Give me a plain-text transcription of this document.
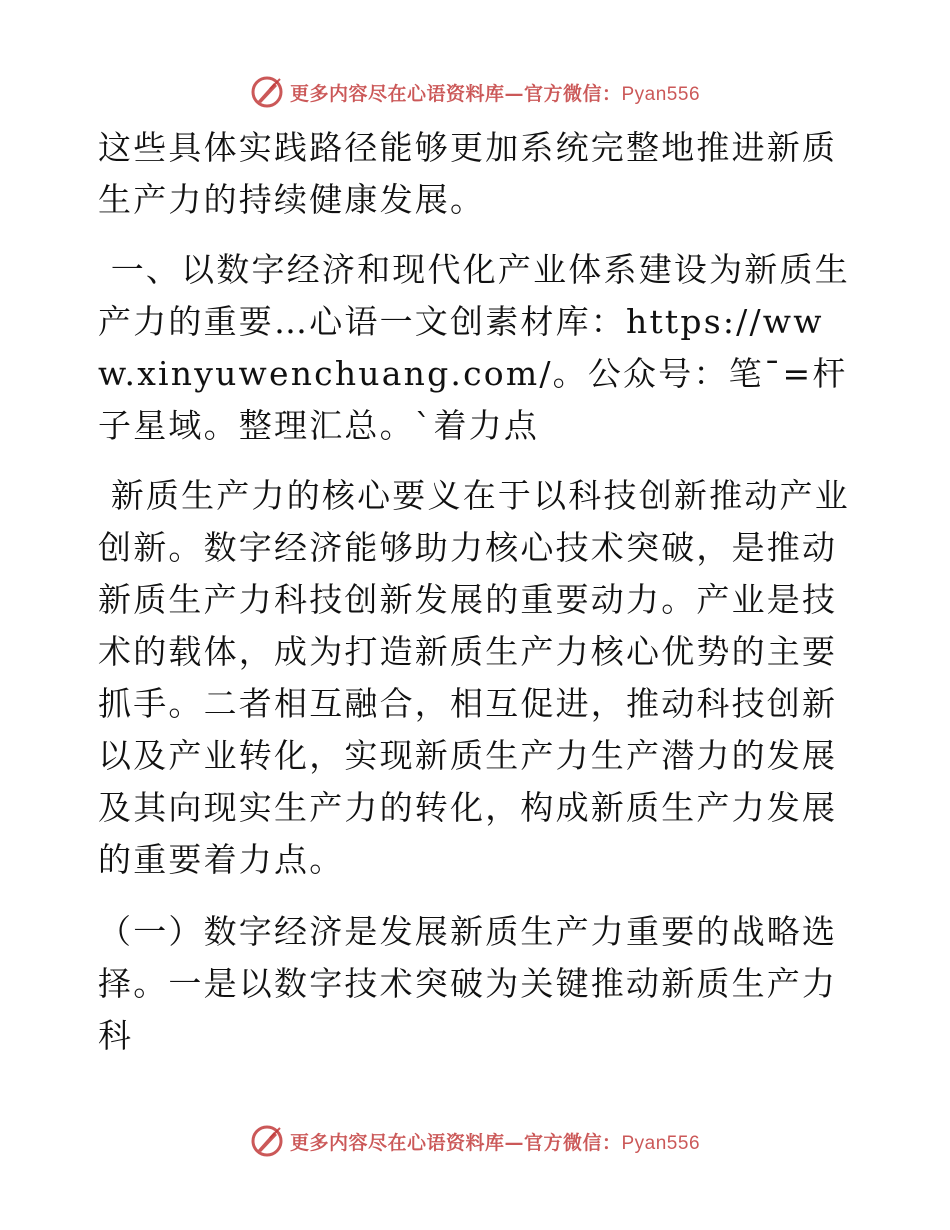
更多内容尽在心语资料库—官方微信：Pyan556

这些具体实践路径能够更加系统完整地推进新质生产力的持续健康发展。

一、以数字经济和现代化产业体系建设为新质生产力的重要…心语一文创素材库：https://www.xinyuwenchuang.com/。公众号：笔¯=杆子星域。整理汇总。`着力点

新质生产力的核心要义在于以科技创新推动产业创新。数字经济能够助力核心技术突破，是推动新质生产力科技创新发展的重要动力。产业是技术的载体，成为打造新质生产力核心优势的主要抓手。二者相互融合，相互促进，推动科技创新以及产业转化，实现新质生产力生产潜力的发展及其向现实生产力的转化，构成新质生产力发展的重要着力点。

（一）数字经济是发展新质生产力重要的战略选择。一是以数字技术突破为关键推动新质生产力科

更多内容尽在心语资料库—官方微信：Pyan556
